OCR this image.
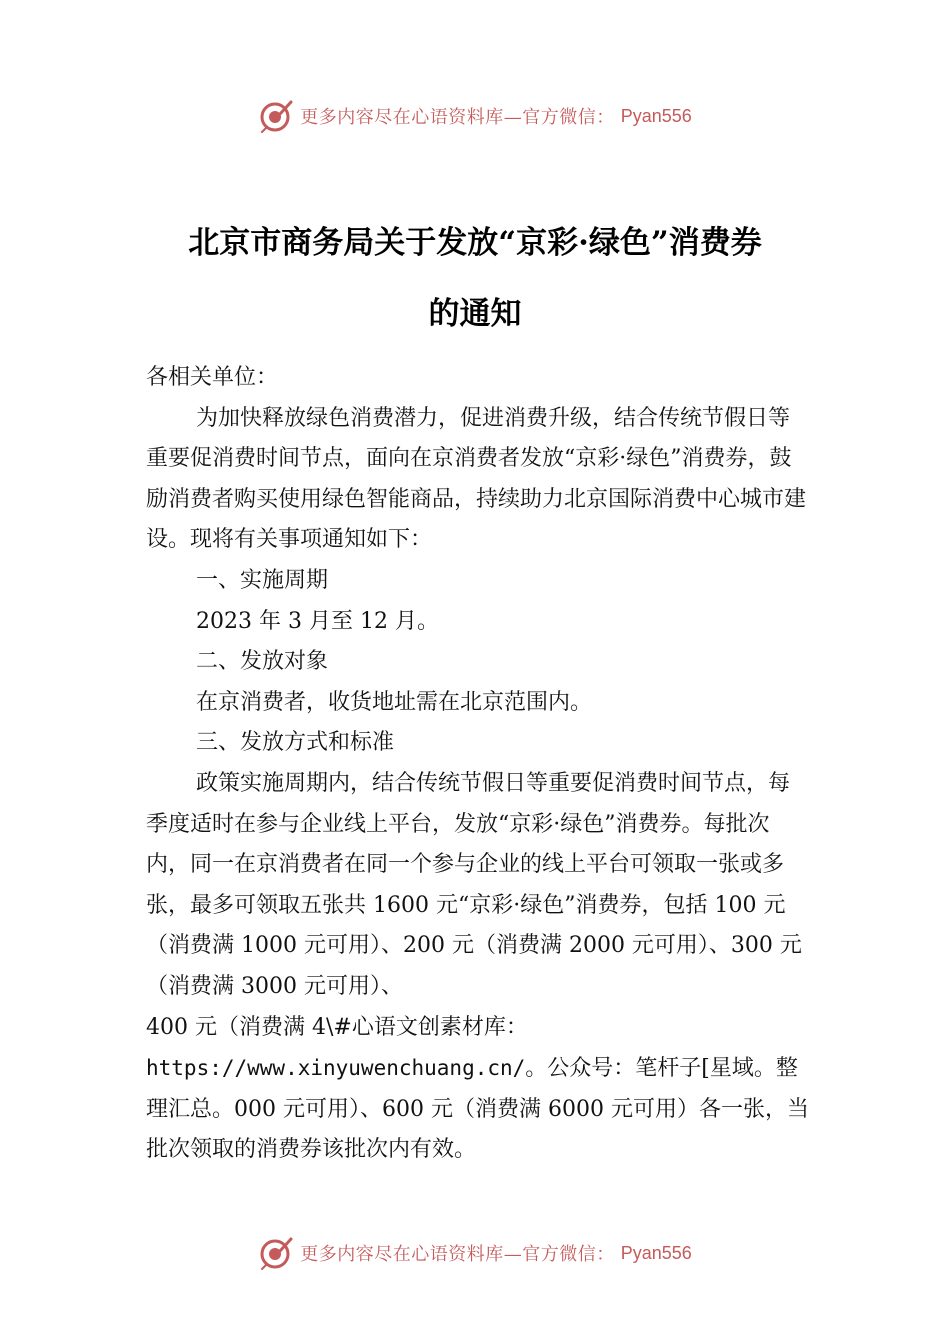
更多内容尽在心语资料库—官方微信： Pyan556
北京市商务局关于发放“京彩·绿色”消费券
的通知

各相关单位：

为加快释放绿色消费潜力，促进消费升级，结合传统节假日等重要促消费时间节点，面向在京消费者发放“京彩·绿色”消费券，鼓励消费者购买使用绿色智能商品，持续助力北京国际消费中心城市建设。现将有关事项通知如下：

一、实施周期

2023 年 3 月至 12 月。

二、发放对象

在京消费者，收货地址需在北京范围内。

三、发放方式和标准

政策实施周期内，结合传统节假日等重要促消费时间节点，每季度适时在参与企业线上平台，发放“京彩·绿色”消费券。每批次内，同一在京消费者在同一个参与企业的线上平台可领取一张或多张，最多可领取五张共 1600 元“京彩·绿色”消费券，包括 100 元（消费满 1000 元可用）、200 元（消费满 2000 元可用）、300 元（消费满 3000 元可用）、

400 元（消费满 4\#心语文创素材库：https://www.xinyuwenchuang.cn/。公众号：笔杆子[星域。整理汇总。000 元可用）、600 元（消费满 6000 元可用）各一张，当批次领取的消费券该批次内有效。

更多内容尽在心语资料库—官方微信： Pyan556
